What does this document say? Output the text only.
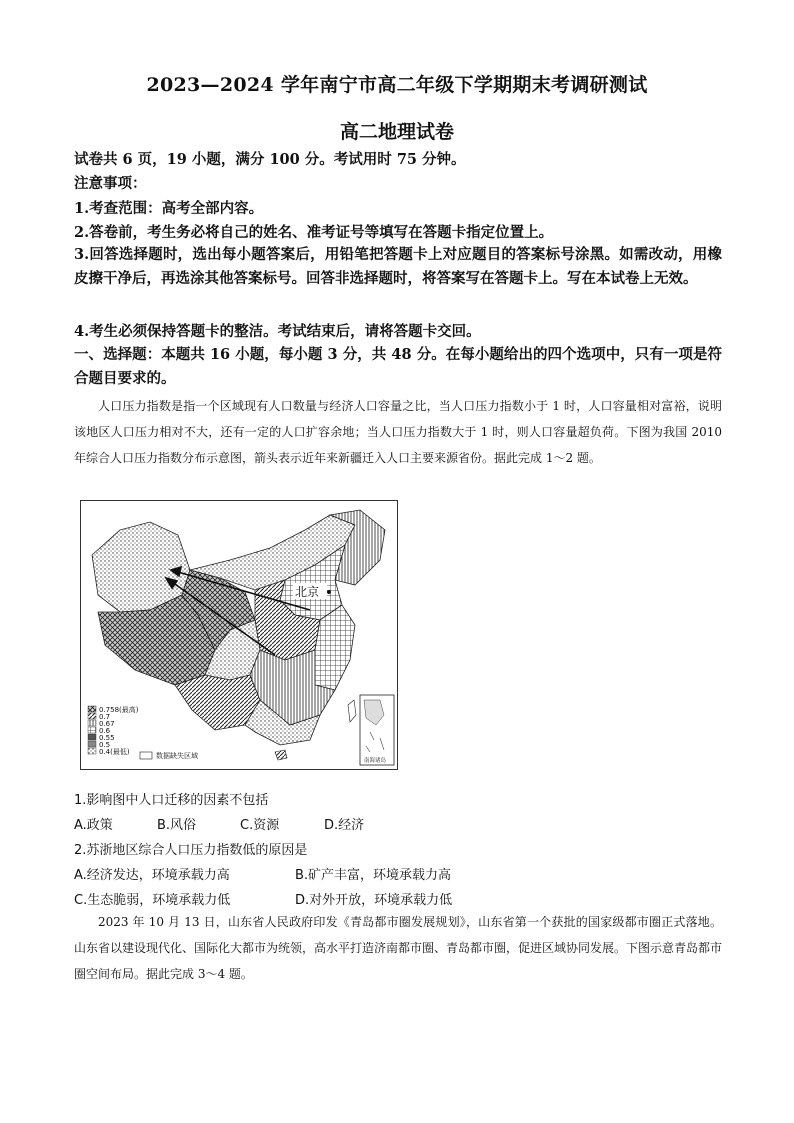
2023—2024 学年南宁市高二年级下学期期末考调研测试
高二地理试卷
试卷共 6 页，19 小题，满分 100 分。考试用时 75 分钟。
注意事项：
1.考查范围：高考全部内容。
2.答卷前，考生务必将自己的姓名、准考证号等填写在答题卡指定位置上。
3.回答选择题时，选出每小题答案后，用铅笔把答题卡上对应题目的答案标号涂黑。如需改动，用橡皮擦干净后，再选涂其他答案标号。回答非选择题时，将答案写在答题卡上。写在本试卷上无效。
4.考生必须保持答题卡的整洁。考试结束后，请将答题卡交回。
一、选择题：本题共 16 小题，每小题 3 分，共 48 分。在每小题给出的四个选项中，只有一项是符合题目要求的。
人口压力指数是指一个区域现有人口数量与经济人口容量之比，当人口压力指数小于 1 时，人口容量相对富裕，说明该地区人口压力相对不大，还有一定的人口扩容余地；当人口压力指数大于 1 时，则人口容量超负荷。下图为我国 2010 年综合人口压力指数分布示意图，箭头表示近年来新疆迁入人口主要来源省份。据此完成 1～2 题。
北京
0.758(最高)
0.7
0.67
0.6
0.55
0.5
0.4(最低)	数据缺失区域
南海诸岛
1.影响图中人口迁移的因素不包括
A.政策	B.风俗	C.资源	D.经济
2.苏浙地区综合人口压力指数低的原因是
A.经济发达，环境承载力高	B.矿产丰富，环境承载力高
C.生态脆弱，环境承载力低	D.对外开放，环境承载力低
2023 年 10 月 13 日，山东省人民政府印发《青岛都市圈发展规划》，山东省第一个获批的国家级都市圈正式落地。山东省以建设现代化、国际化大都市为统领，高水平打造济南都市圈、青岛都市圈，促进区域协同发展。下图示意青岛都市圈空间布局。据此完成 3～4 题。
